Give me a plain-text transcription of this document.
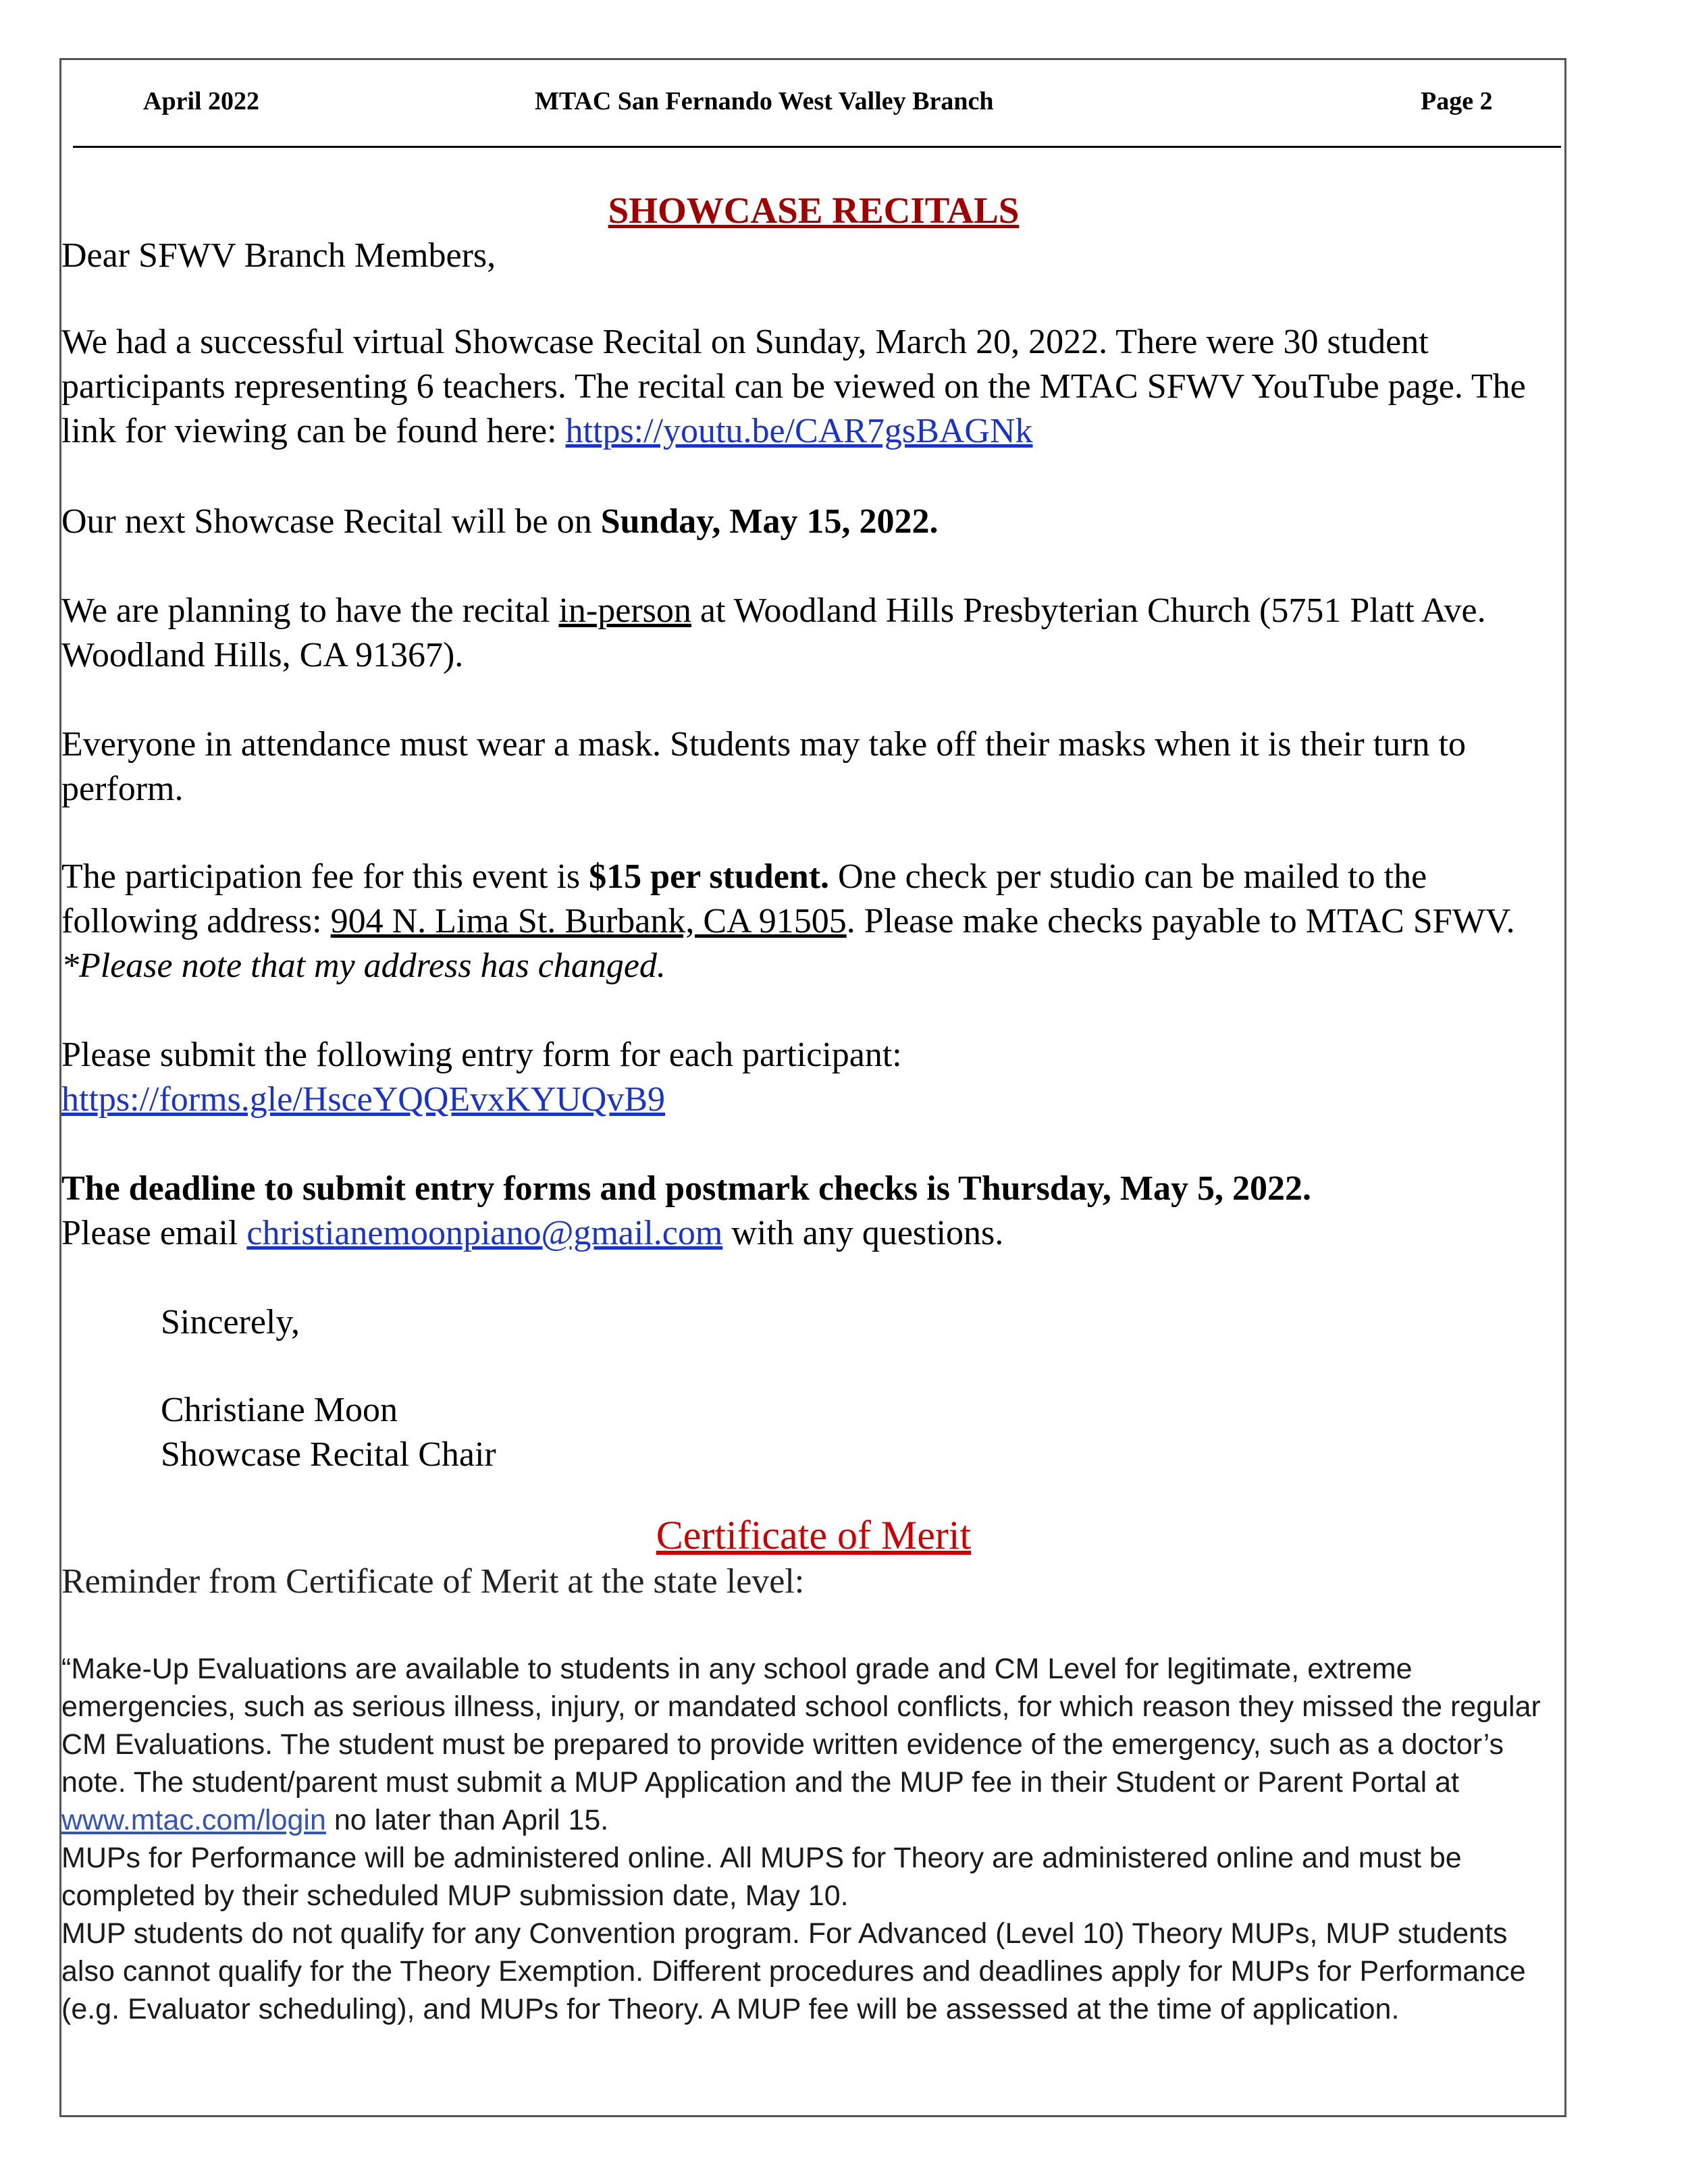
April 2022	MTAC San Fernando West Valley Branch	Page 2
SHOWCASE RECITALS

Dear SFWV Branch Members,

We had a successful virtual Showcase Recital on Sunday, March 20, 2022. There were 30 student participants representing 6 teachers. The recital can be viewed on the MTAC SFWV YouTube page. The link for viewing can be found here: https://youtu.be/CAR7gsBAGNk

Our next Showcase Recital will be on Sunday, May 15, 2022.

We are planning to have the recital in-person at Woodland Hills Presbyterian Church (5751 Platt Ave. Woodland Hills, CA 91367).

Everyone in attendance must wear a mask. Students may take off their masks when it is their turn to perform.

The participation fee for this event is $15 per student. One check per studio can be mailed to the following address: 904 N. Lima St. Burbank, CA 91505. Please make checks payable to MTAC SFWV. *Please note that my address has changed.

Please submit the following entry form for each participant:
https://forms.gle/HsceYQQEvxKYUQvB9

The deadline to submit entry forms and postmark checks is Thursday, May 5, 2022.
Please email christianemoonpiano@gmail.com with any questions.

Sincerely,

Christiane Moon
Showcase Recital Chair

Certificate of Merit

Reminder from Certificate of Merit at the state level:

“Make-Up Evaluations are available to students in any school grade and CM Level for legitimate, extreme emergencies, such as serious illness, injury, or mandated school conflicts, for which reason they missed the regular CM Evaluations. The student must be prepared to provide written evidence of the emergency, such as a doctor’s note. The student/parent must submit a MUP Application and the MUP fee in their Student or Parent Portal at www.mtac.com/login no later than April 15.
MUPs for Performance will be administered online. All MUPS for Theory are administered online and must be completed by their scheduled MUP submission date, May 10.
MUP students do not qualify for any Convention program. For Advanced (Level 10) Theory MUPs, MUP students also cannot qualify for the Theory Exemption. Different procedures and deadlines apply for MUPs for Performance (e.g. Evaluator scheduling), and MUPs for Theory. A MUP fee will be assessed at the time of application.
